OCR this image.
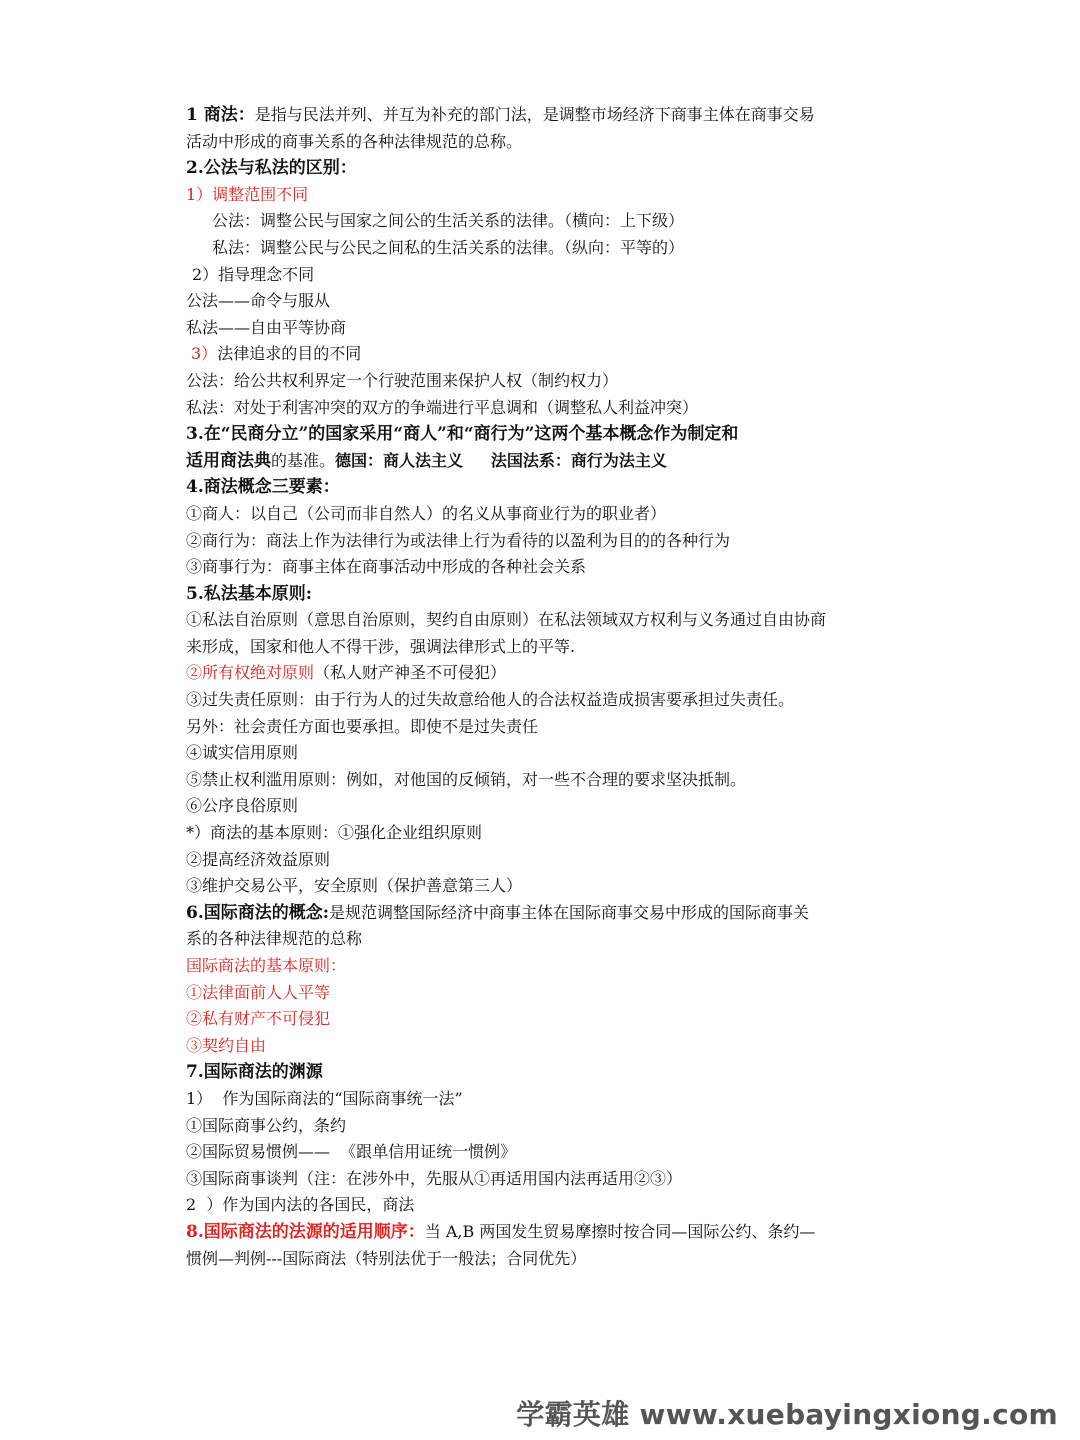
1 商法：是指与民法并列、并互为补充的部门法，是调整市场经济下商事主体在商事交易

活动中形成的商事关系的各种法律规范的总称。

2.公法与私法的区别：

1）调整范围不同

公法：调整公民与国家之间公的生活关系的法律。（横向：上下级）

私法：调整公民与公民之间私的生活关系的法律。（纵向：平等的）

2）指导理念不同

公法——命令与服从

私法——自由平等协商

3）法律追求的目的不同

公法：给公共权利界定一个行驶范围来保护人权（制约权力）

私法：对处于利害冲突的双方的争端进行平息调和（调整私人利益冲突）

3.在“民商分立”的国家采用“商人”和“商行为”这两个基本概念作为制定和

适用商法典的基准。德国：商人法主义     法国法系：商行为法主义

4.商法概念三要素：

①商人：以自己（公司而非自然人）的名义从事商业行为的职业者）

②商行为：商法上作为法律行为或法律上行为看待的以盈利为目的的各种行为

③商事行为：商事主体在商事活动中形成的各种社会关系

5.私法基本原则:

①私法自治原则（意思自治原则，契约自由原则）在私法领域双方权利与义务通过自由协商

来形成，国家和他人不得干涉，强调法律形式上的平等.

②所有权绝对原则（私人财产神圣不可侵犯）

③过失责任原则：由于行为人的过失故意给他人的合法权益造成损害要承担过失责任。

另外：社会责任方面也要承担。即使不是过失责任

④诚实信用原则

⑤禁止权利滥用原则：例如，对他国的反倾销，对一些不合理的要求坚决抵制。

⑥公序良俗原则

*）商法的基本原则：①强化企业组织原则

②提高经济效益原则

③维护交易公平，安全原则（保护善意第三人）

6.国际商法的概念:是规范调整国际经济中商事主体在国际商事交易中形成的国际商事关

系的各种法律规范的总称

国际商法的基本原则：

①法律面前人人平等

②私有财产不可侵犯

③契约自由

7.国际商法的渊源

1）  作为国际商法的“国际商事统一法”

①国际商事公约，条约

②国际贸易惯例——  《跟单信用证统一惯例》

③国际商事谈判（注：在涉外中，先服从①再适用国内法再适用②③）

2  ）作为国内法的各国民，商法

8.国际商法的法源的适用顺序：当 A,B 两国发生贸易摩擦时按合同—国际公约、条约—

惯例—判例---国际商法（特别法优于一般法；合同优先）

学霸英雄 www.xuebayingxiong.com
